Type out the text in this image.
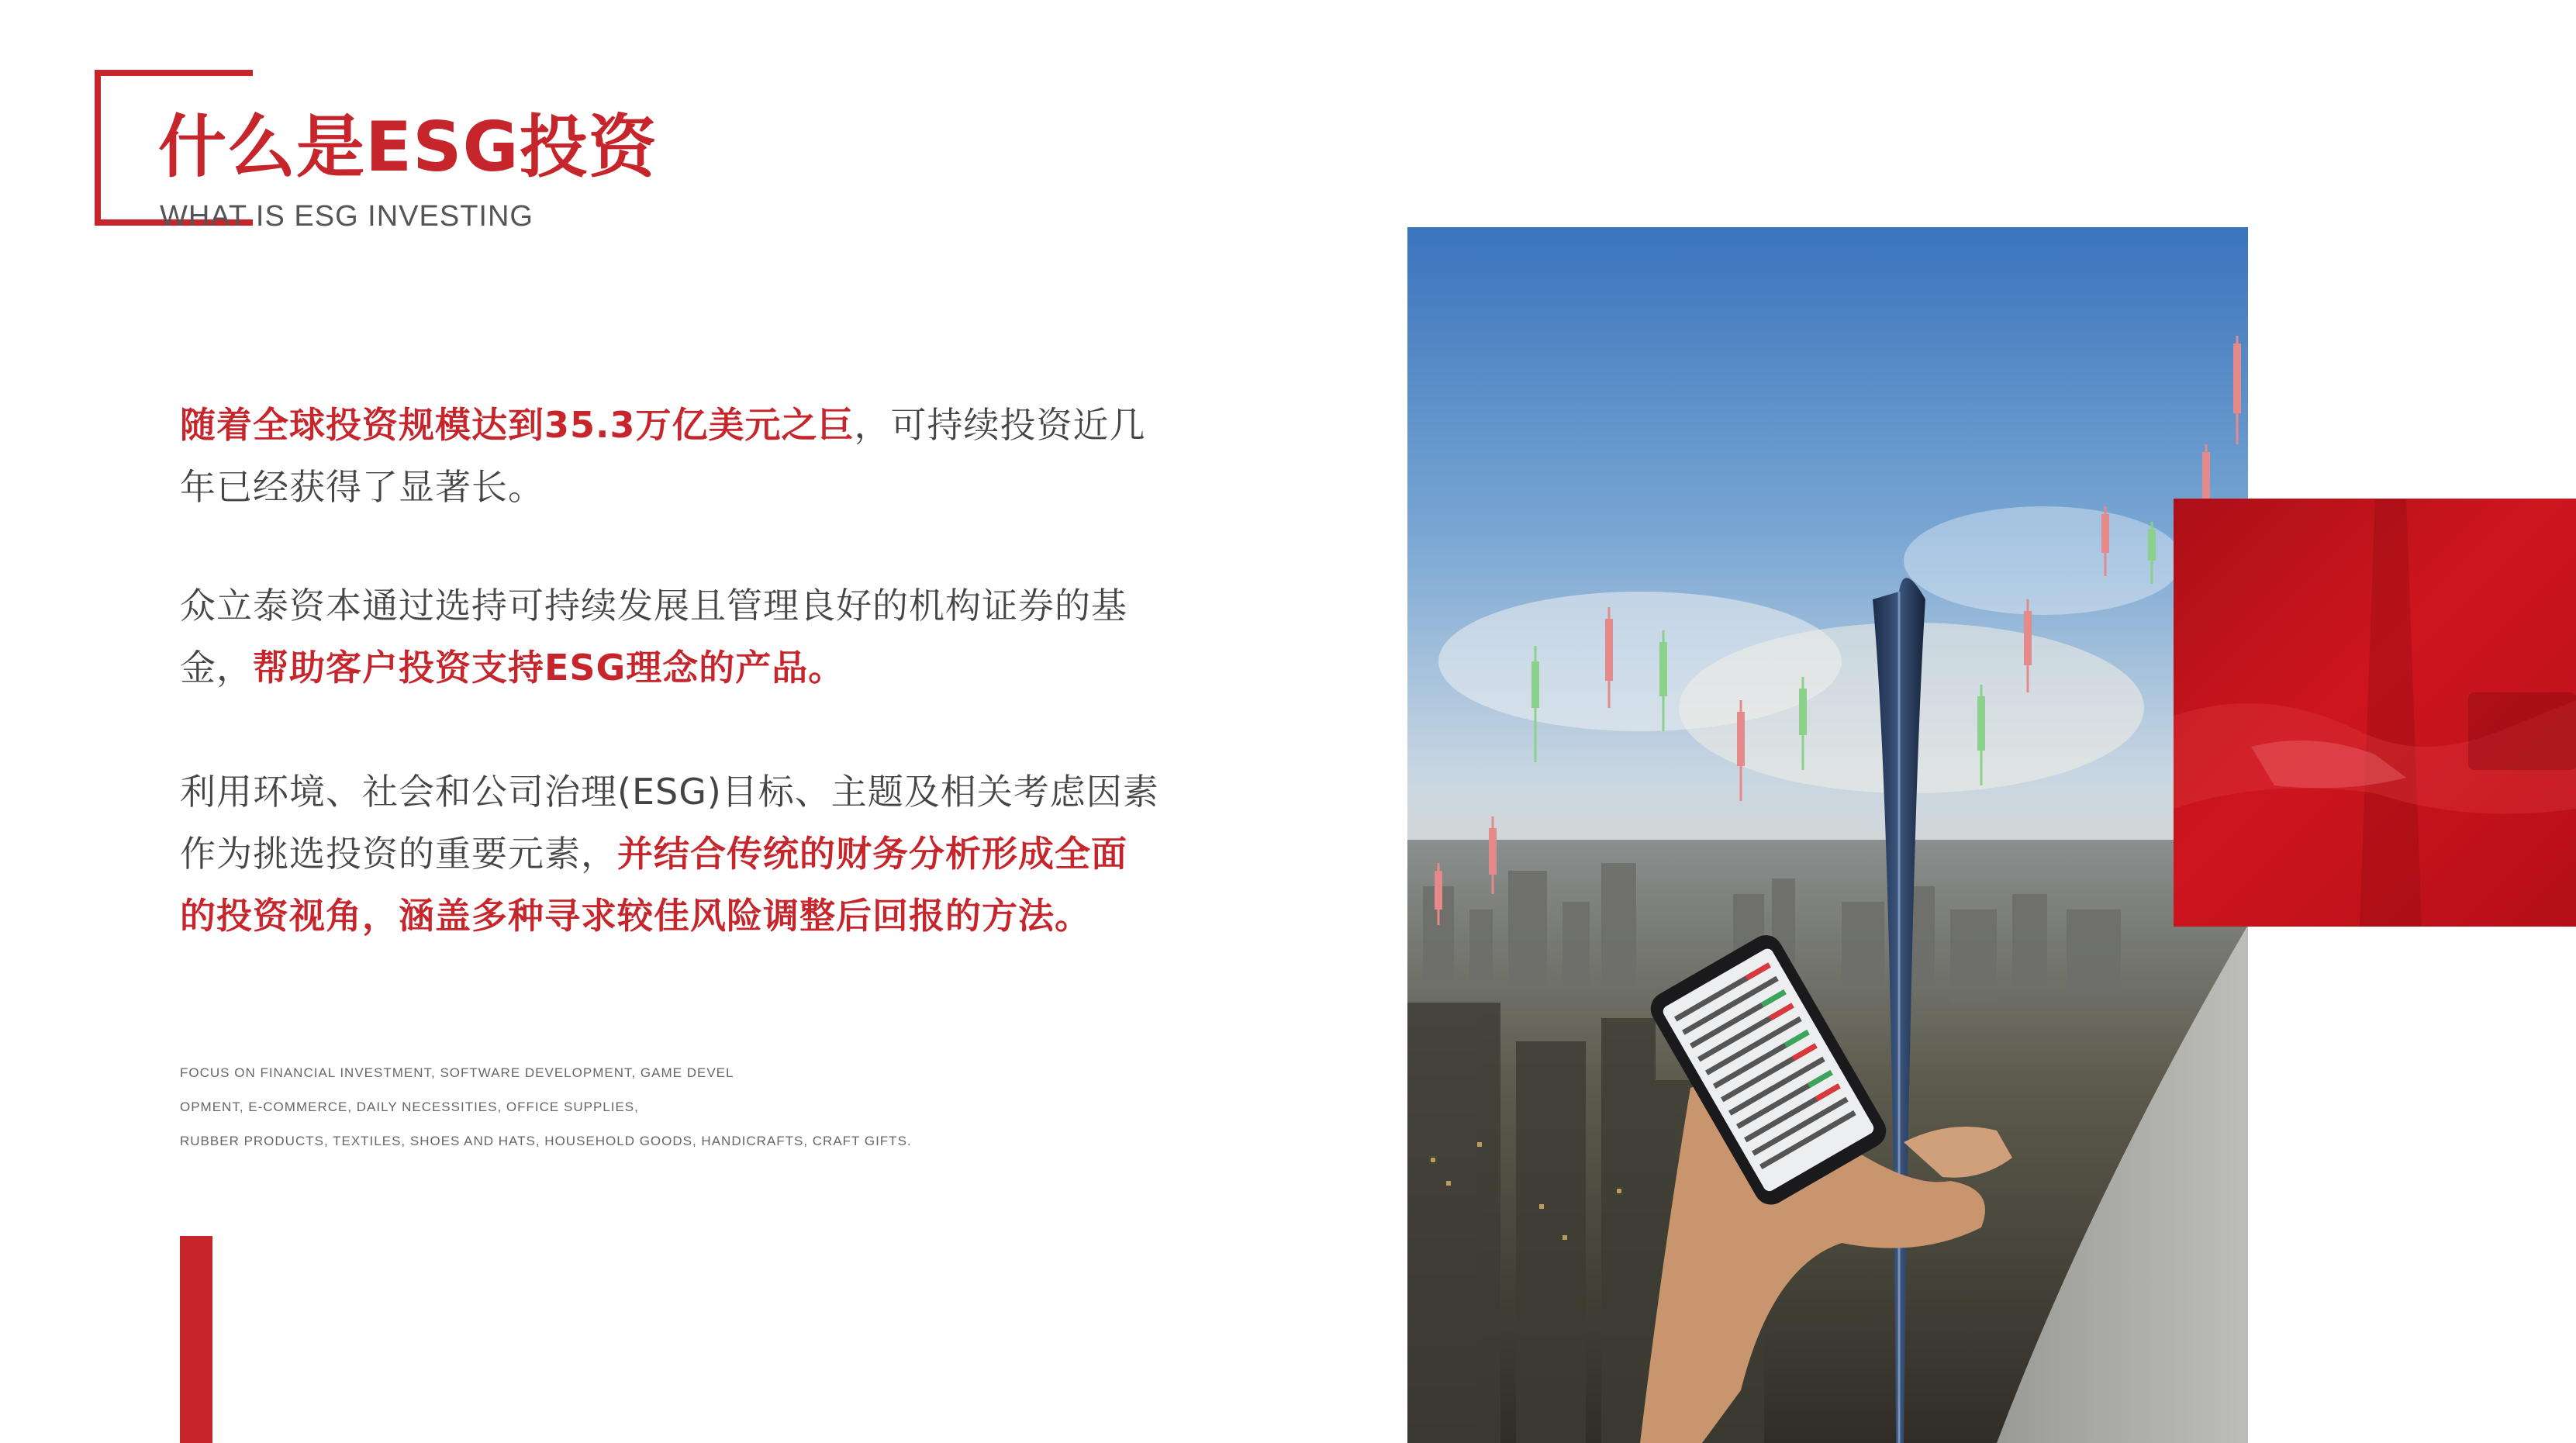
什么是ESG投资
WHAT IS ESG INVESTING
随着全球投资规模达到35.3万亿美元之巨，可持续投资近几
年已经获得了显著长。
众立泰资本通过选持可持续发展且管理良好的机构证券的基
金，帮助客户投资支持ESG理念的产品。
利用环境、社会和公司治理(ESG)目标、主题及相关考虑因素
作为挑选投资的重要元素，并结合传统的财务分析形成全面
的投资视角，涵盖多种寻求较佳风险调整后回报的方法。
FOCUS ON FINANCIAL INVESTMENT, SOFTWARE DEVELOPMENT, GAME DEVEL
OPMENT, E-COMMERCE, DAILY NECESSITIES, OFFICE SUPPLIES,
RUBBER PRODUCTS, TEXTILES, SHOES AND HATS, HOUSEHOLD GOODS, HANDICRAFTS, CRAFT GIFTS.
